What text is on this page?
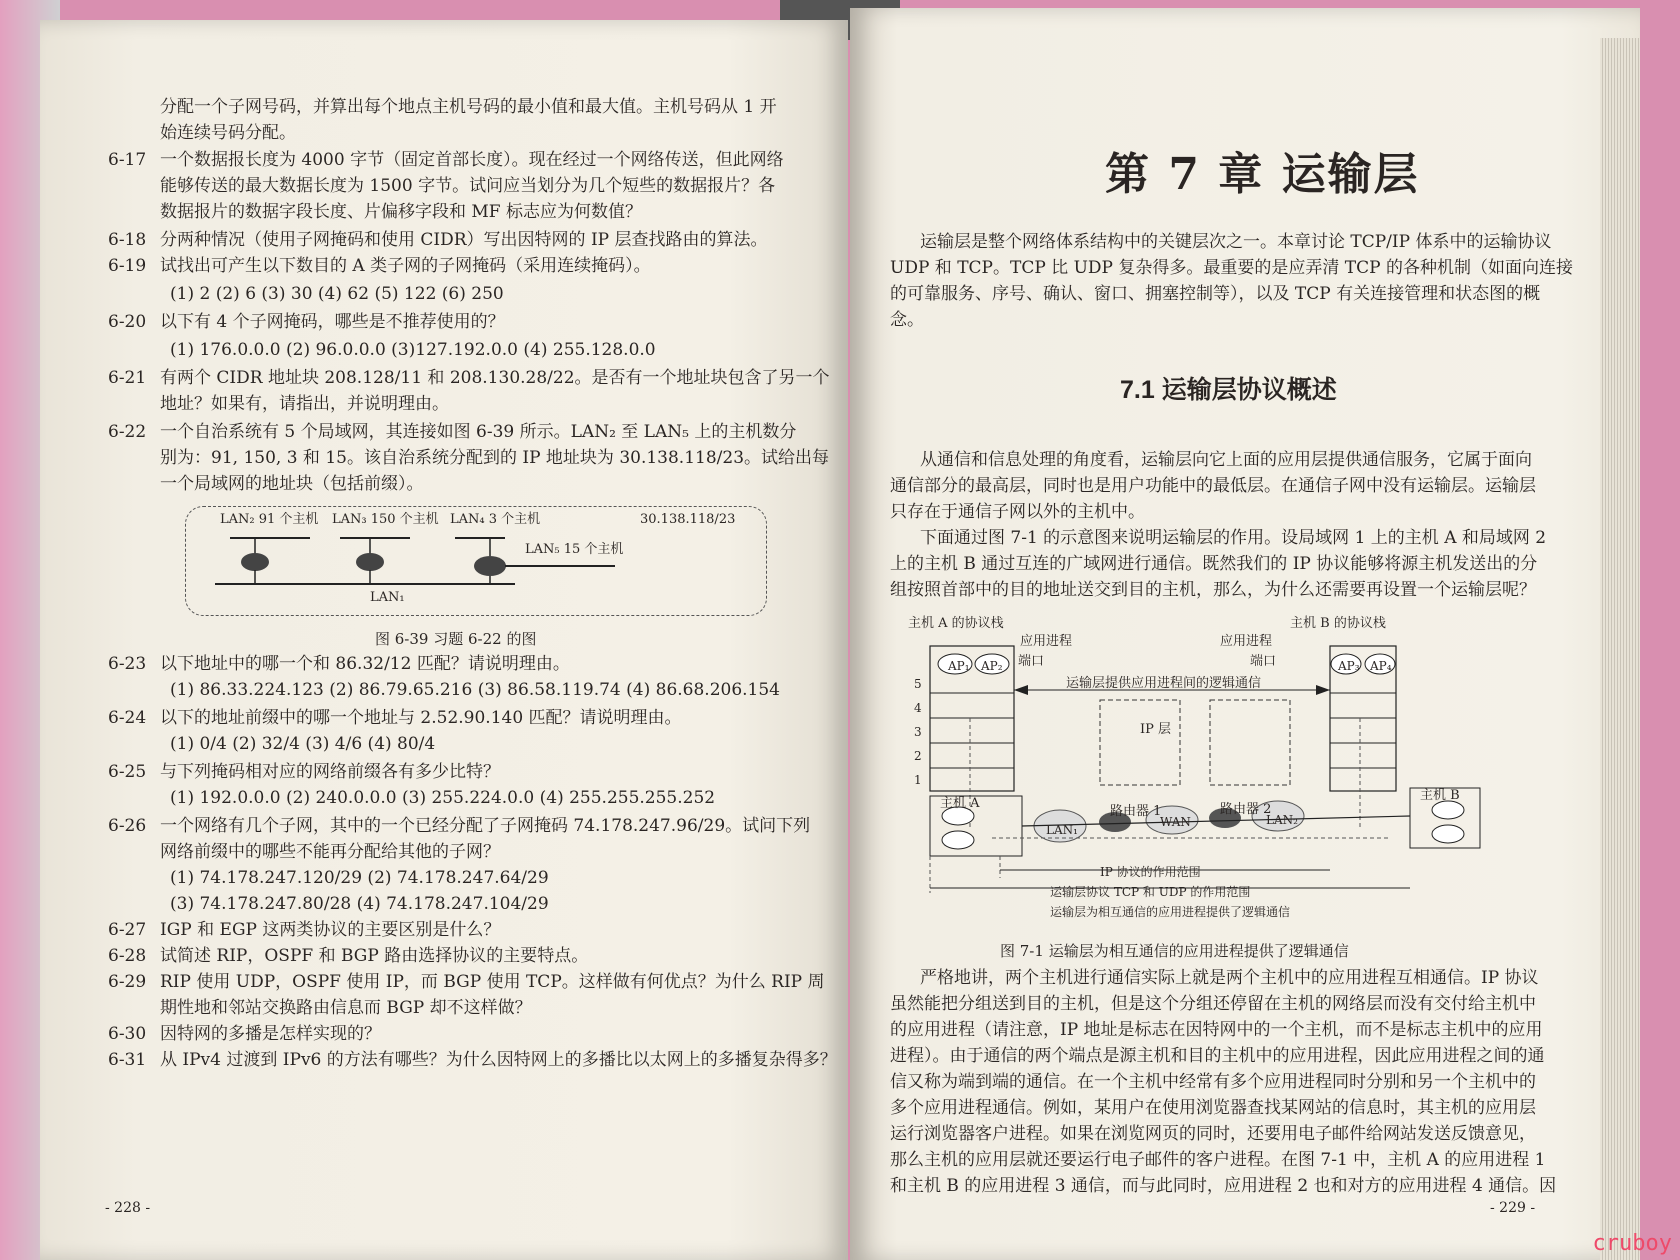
分配一个子网号码，并算出每个地点主机号码的最小值和最大值。主机号码从 1 开
始连续号码分配。
6-17 一个数据报长度为 4000 字节（固定首部长度）。现在经过一个网络传送，但此网络
能够传送的最大数据长度为 1500 字节。试问应当划分为几个短些的数据报片？各
数据报片的数据字段长度、片偏移字段和 MF 标志应为何数值？
6-18 分两种情况（使用子网掩码和使用 CIDR）写出因特网的 IP 层查找路由的算法。
6-19 试找出可产生以下数目的 A 类子网的子网掩码（采用连续掩码）。
(1) 2 (2) 6 (3) 30 (4) 62 (5) 122 (6) 250
6-20 以下有 4 个子网掩码，哪些是不推荐使用的？
(1) 176.0.0.0 (2) 96.0.0.0 (3)127.192.0.0 (4) 255.128.0.0
6-21 有两个 CIDR 地址块 208.128/11 和 208.130.28/22。是否有一个地址块包含了另一个
地址？如果有，请指出，并说明理由。
6-22 一个自治系统有 5 个局域网，其连接如图 6-39 所示。LAN₂ 至 LAN₅ 上的主机数分
别为：91, 150, 3 和 15。该自治系统分配到的 IP 地址块为 30.138.118/23。试给出每
一个局域网的地址块（包括前缀）。
LAN₂ 91 个主机 LAN₃ 150 个主机 LAN₄ 3 个主机	30.138.118/23
LAN₅ 15 个主机
LAN₁
图 6-39 习题 6-22 的图
6-23 以下地址中的哪一个和 86.32/12 匹配？请说明理由。
(1) 86.33.224.123 (2) 86.79.65.216 (3) 86.58.119.74 (4) 86.68.206.154
6-24 以下的地址前缀中的哪一个地址与 2.52.90.140 匹配？请说明理由。
(1) 0/4 (2) 32/4 (3) 4/6 (4) 80/4
6-25 与下列掩码相对应的网络前缀各有多少比特？
(1) 192.0.0.0 (2) 240.0.0.0 (3) 255.224.0.0 (4) 255.255.255.252
6-26 一个网络有几个子网，其中的一个已经分配了子网掩码 74.178.247.96/29。试问下列
网络前缀中的哪些不能再分配给其他的子网？
(1) 74.178.247.120/29 (2) 74.178.247.64/29
(3) 74.178.247.80/28 (4) 74.178.247.104/29
6-27 IGP 和 EGP 这两类协议的主要区别是什么？
6-28 试简述 RIP，OSPF 和 BGP 路由选择协议的主要特点。
6-29 RIP 使用 UDP，OSPF 使用 IP，而 BGP 使用 TCP。这样做有何优点？为什么 RIP 周
期性地和邻站交换路由信息而 BGP 却不这样做？
6-30 因特网的多播是怎样实现的？
6-31 从 IPv4 过渡到 IPv6 的方法有哪些？为什么因特网上的多播比以太网上的多播复杂得多？
- 228 -
第 7 章 运输层
运输层是整个网络体系结构中的关键层次之一。本章讨论 TCP/IP 体系中的运输协议
UDP 和 TCP。TCP 比 UDP 复杂得多。最重要的是应弄清 TCP 的各种机制（如面向连接
的可靠服务、序号、确认、窗口、拥塞控制等），以及 TCP 有关连接管理和状态图的概
念。
7.1 运输层协议概述
从通信和信息处理的角度看，运输层向它上面的应用层提供通信服务，它属于面向
通信部分的最高层，同时也是用户功能中的最低层。在通信子网中没有运输层。运输层
只存在于通信子网以外的主机中。
下面通过图 7-1 的示意图来说明运输层的作用。设局域网 1 上的主机 A 和局域网 2
上的主机 B 通过互连的广域网进行通信。既然我们的 IP 协议能够将源主机发送出的分
组按照首部中的目的地址送交到目的主机，那么，为什么还需要再设置一个运输层呢？
主机 A 的协议栈	主机 B 的协议栈
应用进程	应用进程
端口	端口
运输层提供应用进程间的逻辑通信
IP 层
AP₁ AP₂	AP₃ AP₄
5
4
3
2
1
主机 A
主机 B
路由器 1	路由器 2
LAN₁
WAN	LAN₂
IP 协议的作用范围
运输层协议 TCP 和 UDP 的作用范围
运输层为相互通信的应用进程提供了逻辑通信
图 7-1 运输层为相互通信的应用进程提供了逻辑通信
严格地讲，两个主机进行通信实际上就是两个主机中的应用进程互相通信。IP 协议
虽然能把分组送到目的主机，但是这个分组还停留在主机的网络层而没有交付给主机中
的应用进程（请注意，IP 地址是标志在因特网中的一个主机，而不是标志主机中的应用
进程）。由于通信的两个端点是源主机和目的主机中的应用进程，因此应用进程之间的通
信又称为端到端的通信。在一个主机中经常有多个应用进程同时分别和另一个主机中的
多个应用进程通信。例如，某用户在使用浏览器查找某网站的信息时，其主机的应用层
运行浏览器客户进程。如果在浏览网页的同时，还要用电子邮件给网站发送反馈意见，
那么主机的应用层就还要运行电子邮件的客户进程。在图 7-1 中，主机 A 的应用进程 1
和主机 B 的应用进程 3 通信，而与此同时，应用进程 2 也和对方的应用进程 4 通信。因
- 229 -
cruboy
